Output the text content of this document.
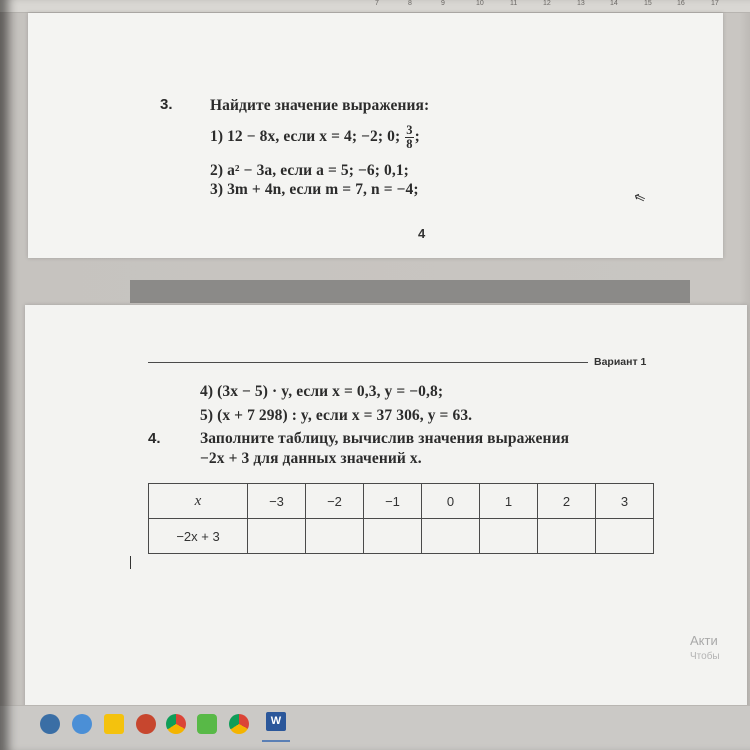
7	8	9	10	11	12	13	14	15	16	17
3. Найдите значение выражения:
1) 12 − 8x, если x = 4; −2; 0; $\frac{3}{8}$ ;
2) a² − 3a, если a = 5; −6; 0,1;
3) 3m + 4n, если m = 7, n = −4;	⇖
4
Вариант 1
4) (3x − 5) · y, если x = 0,3, y = −0,8;
5) (x + 7 298) : y, если x = 37 306, y = 63.
4.	Заполните таблицу, вычислив значения выражения
−2x + 3 для данных значений x.
x	−3	−2	−1	0	1	2	3
−2x + 3							
Акти
Чтобы
W
